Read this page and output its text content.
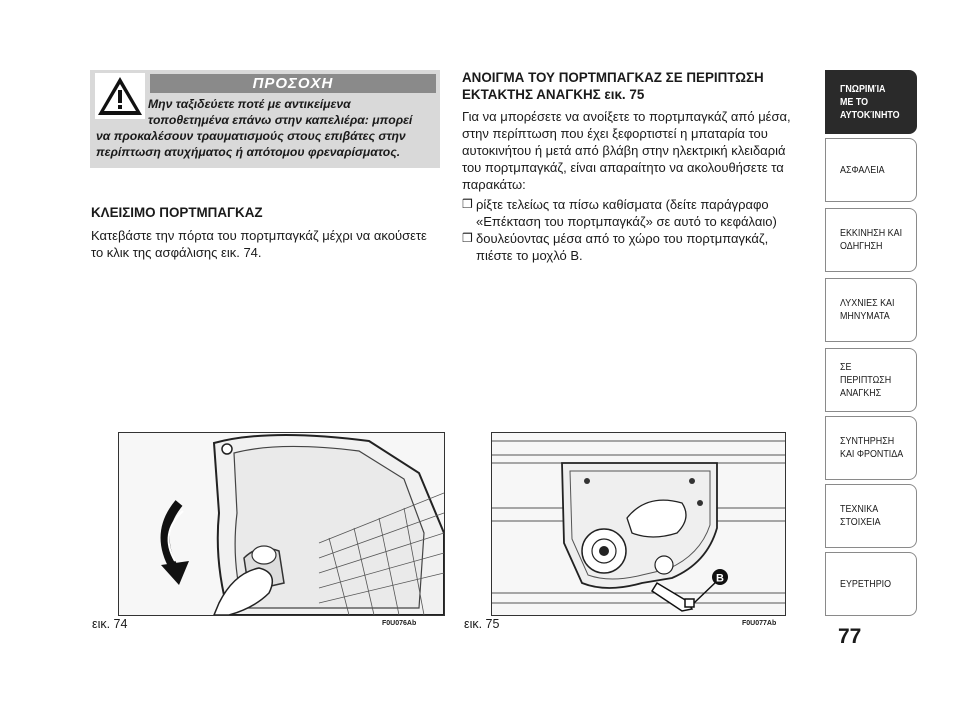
ΠΡΟΣΟΧΗ
Μην ταξιδεύετε ποτέ με αντικείμενα
τοποθετημένα επάνω στην καπελιέρα: μπορεί
να προκαλέσουν τραυματισμούς στους επιβάτες στην
περίπτωση ατυχήματος ή απότομου φρεναρίσματος.
ΚΛΕΙΣΙΜΟ ΠΟΡΤΜΠΑΓΚΑΖ
Κατεβάστε την πόρτα του πορτμπαγκάζ μέχρι να ακούσετε
το κλικ της ασφάλισης εικ. 74.
ΑΝΟΙΓΜΑ ΤΟΥ ΠΟΡΤΜΠΑΓΚΑΖ ΣΕ ΠΕΡΙΠΤΩΣΗ
ΕΚΤΑΚΤΗΣ ΑΝΑΓΚΗΣ εικ. 75
Για να μπορέσετε να ανοίξετε το πορτμπαγκάζ από μέσα,
στην περίπτωση που έχει ξεφορτιστεί η μπαταρία του
αυτοκινήτου ή μετά από βλάβη στην ηλεκτρική κλειδαριά
του πορτμπαγκάζ, είναι απαραίτητο να ακολουθήσετε τα
παρακάτω:
❒ ρίξτε τελείως τα πίσω καθίσματα (δείτε παράγραφο
«Επέκταση του πορτμπαγκάζ» σε αυτό το κεφάλαιο)
❒ δουλεύοντας μέσα από το χώρο του πορτμπαγκάζ,
πιέστε το μοχλό B.
εικ. 74	F0U076Ab
B
εικ. 75	F0U077Ab
ΓΝΩΡΙΜΊΑ
ΜΕ ΤΟ
ΑΥΤΟΚΊΝΗΤΟ
ΑΣΦΑΛΕΙΑ
ΕΚΚΙΝΗΣΗ ΚΑΙ
ΟΔΗΓΗΣΗ
ΛΥΧΝΙΕΣ ΚΑΙ
ΜΗΝΥΜΑΤΑ
ΣΕ ΠΕΡΙΠΤΩΣΗ
ΑΝΑΓΚΗΣ
ΣΥΝΤΗΡΗΣΗ
ΚΑΙ ΦΡΟΝΤΙΔΑ
ΤΕΧΝΙΚΑ
ΣΤΟΙΧΕΙΑ
ΕΥΡΕΤΗΡΙΟ
77
